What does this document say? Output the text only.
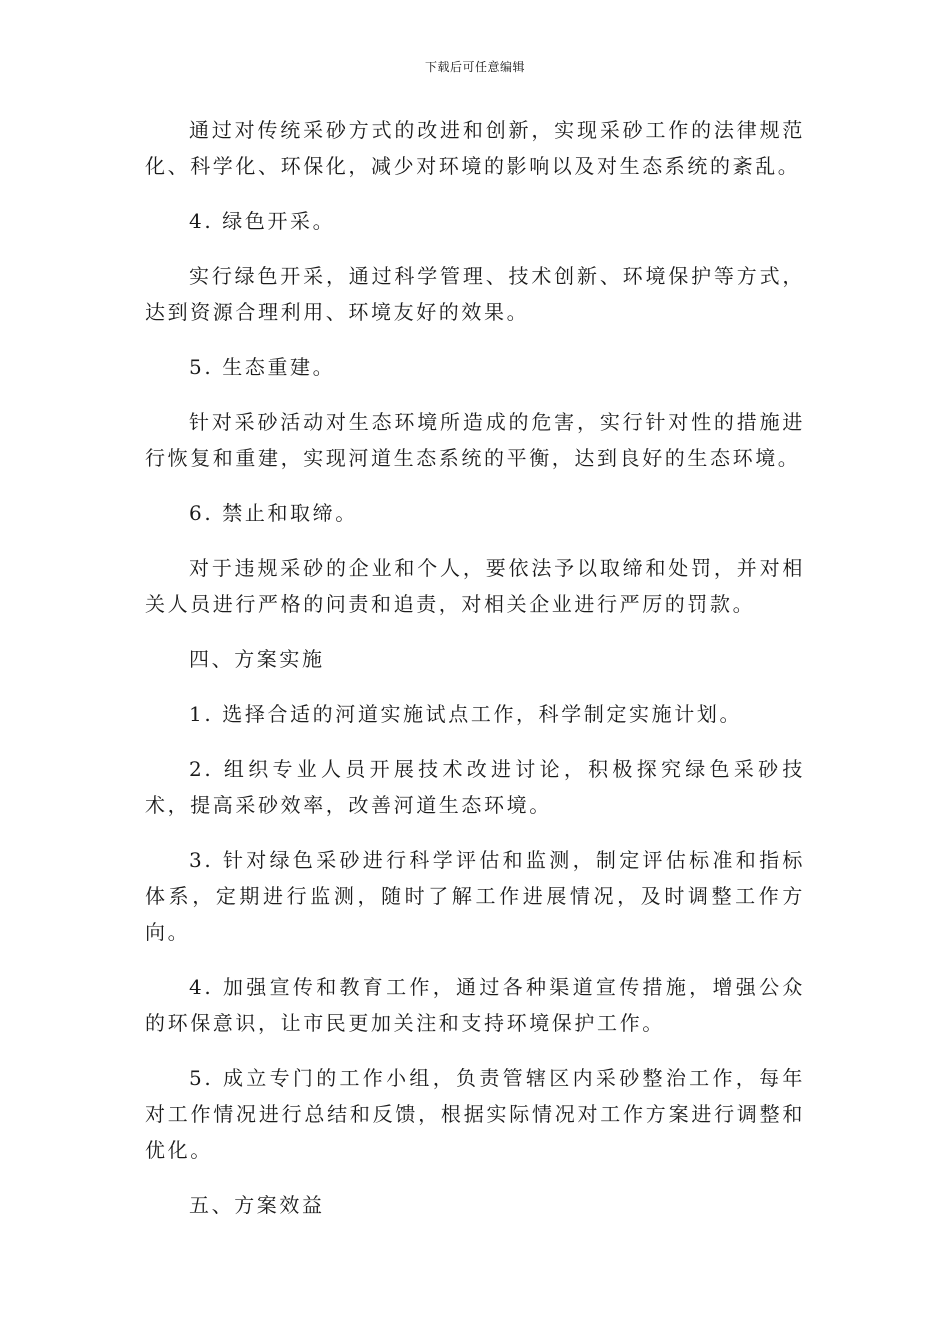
下载后可任意编辑

通过对传统采砂方式的改进和创新，实现采砂工作的法律规范化、科学化、环保化，减少对环境的影响以及对生态系统的紊乱。

4. 绿色开采。

实行绿色开采，通过科学管理、技术创新、环境保护等方式，达到资源合理利用、环境友好的效果。

5. 生态重建。

针对采砂活动对生态环境所造成的危害，实行针对性的措施进行恢复和重建，实现河道生态系统的平衡，达到良好的生态环境。

6. 禁止和取缔。

对于违规采砂的企业和个人，要依法予以取缔和处罚，并对相关人员进行严格的问责和追责，对相关企业进行严厉的罚款。

四、方案实施

1. 选择合适的河道实施试点工作，科学制定实施计划。

2. 组织专业人员开展技术改进讨论，积极探究绿色采砂技术，提高采砂效率，改善河道生态环境。

3. 针对绿色采砂进行科学评估和监测，制定评估标准和指标体系，定期进行监测，随时了解工作进展情况，及时调整工作方向。

4. 加强宣传和教育工作，通过各种渠道宣传措施，增强公众的环保意识，让市民更加关注和支持环境保护工作。

5. 成立专门的工作小组，负责管辖区内采砂整治工作，每年对工作情况进行总结和反馈，根据实际情况对工作方案进行调整和优化。

五、方案效益
